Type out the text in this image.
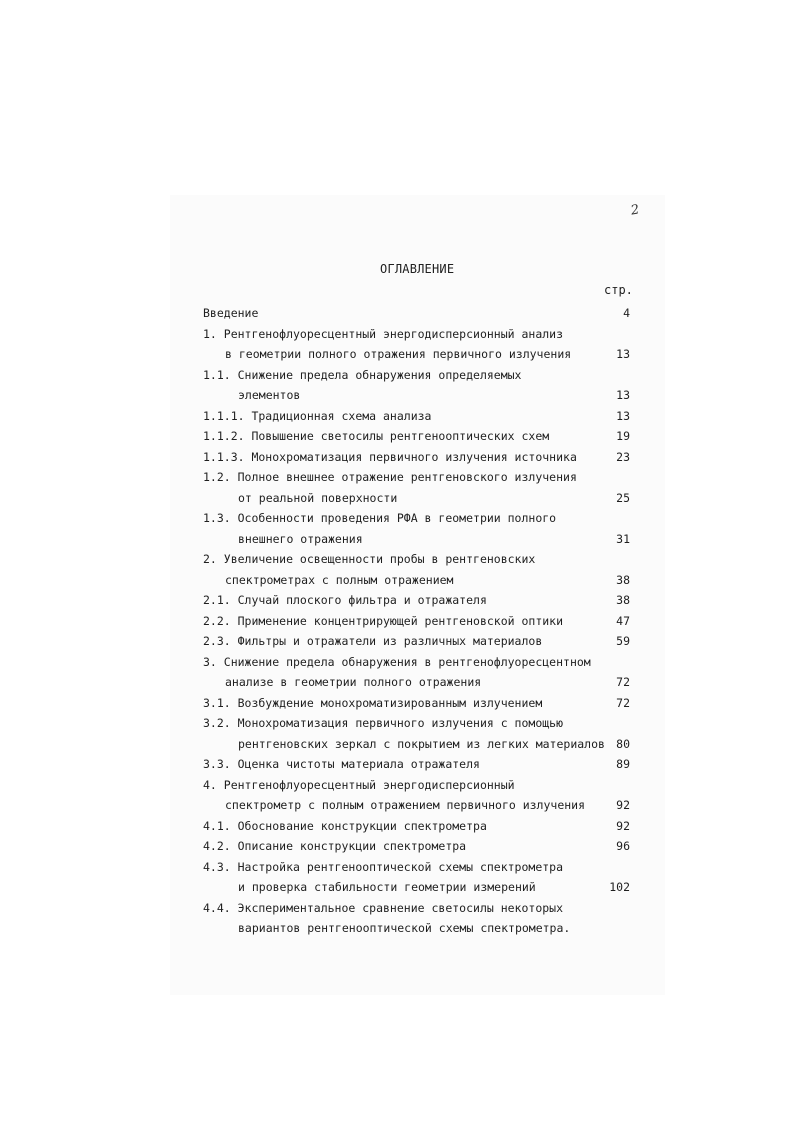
2
ОГЛАВЛЕНИЕ
стр.
Введение	4
1. Рентгенофлуоресцентный энергодисперсионный анализ
в геометрии полного отражения первичного излучения	13
1.1. Снижение предела обнаружения определяемых
элементов	13
1.1.1. Традиционная схема анализа	13
1.1.2. Повышение светосилы рентгенооптических схем	19
1.1.3. Монохроматизация первичного излучения источника	23
1.2. Полное внешнее отражение рентгеновского излучения
от реальной поверхности	25
1.3. Особенности проведения РФА в геометрии полного
внешнего отражения	31
2. Увеличение освещенности пробы в рентгеновских
спектрометрах с полным отражением	38
2.1. Случай плоского фильтра и отражателя	38
2.2. Применение концентрирующей рентгеновской оптики	47
2.3. Фильтры и отражатели из различных материалов	59
3. Снижение предела обнаружения в рентгенофлуоресцентном
анализе в геометрии полного отражения	72
3.1. Возбуждение монохроматизированным излучением	72
3.2. Монохроматизация первичного излучения с помощью
рентгеновских зеркал с покрытием из легких материалов 80
3.3. Оценка чистоты материала отражателя	89
4. Рентгенофлуоресцентный энергодисперсионный
спектрометр с полным отражением первичного излучения	92
4.1. Обоснование конструкции спектрометра	92
4.2. Описание конструкции спектрометра	96
4.3. Настройка рентгенооптической схемы спектрометра
и проверка стабильности геометрии измерений	102
4.4. Экспериментальное сравнение светосилы некоторых
вариантов рентгенооптической схемы спектрометра.
